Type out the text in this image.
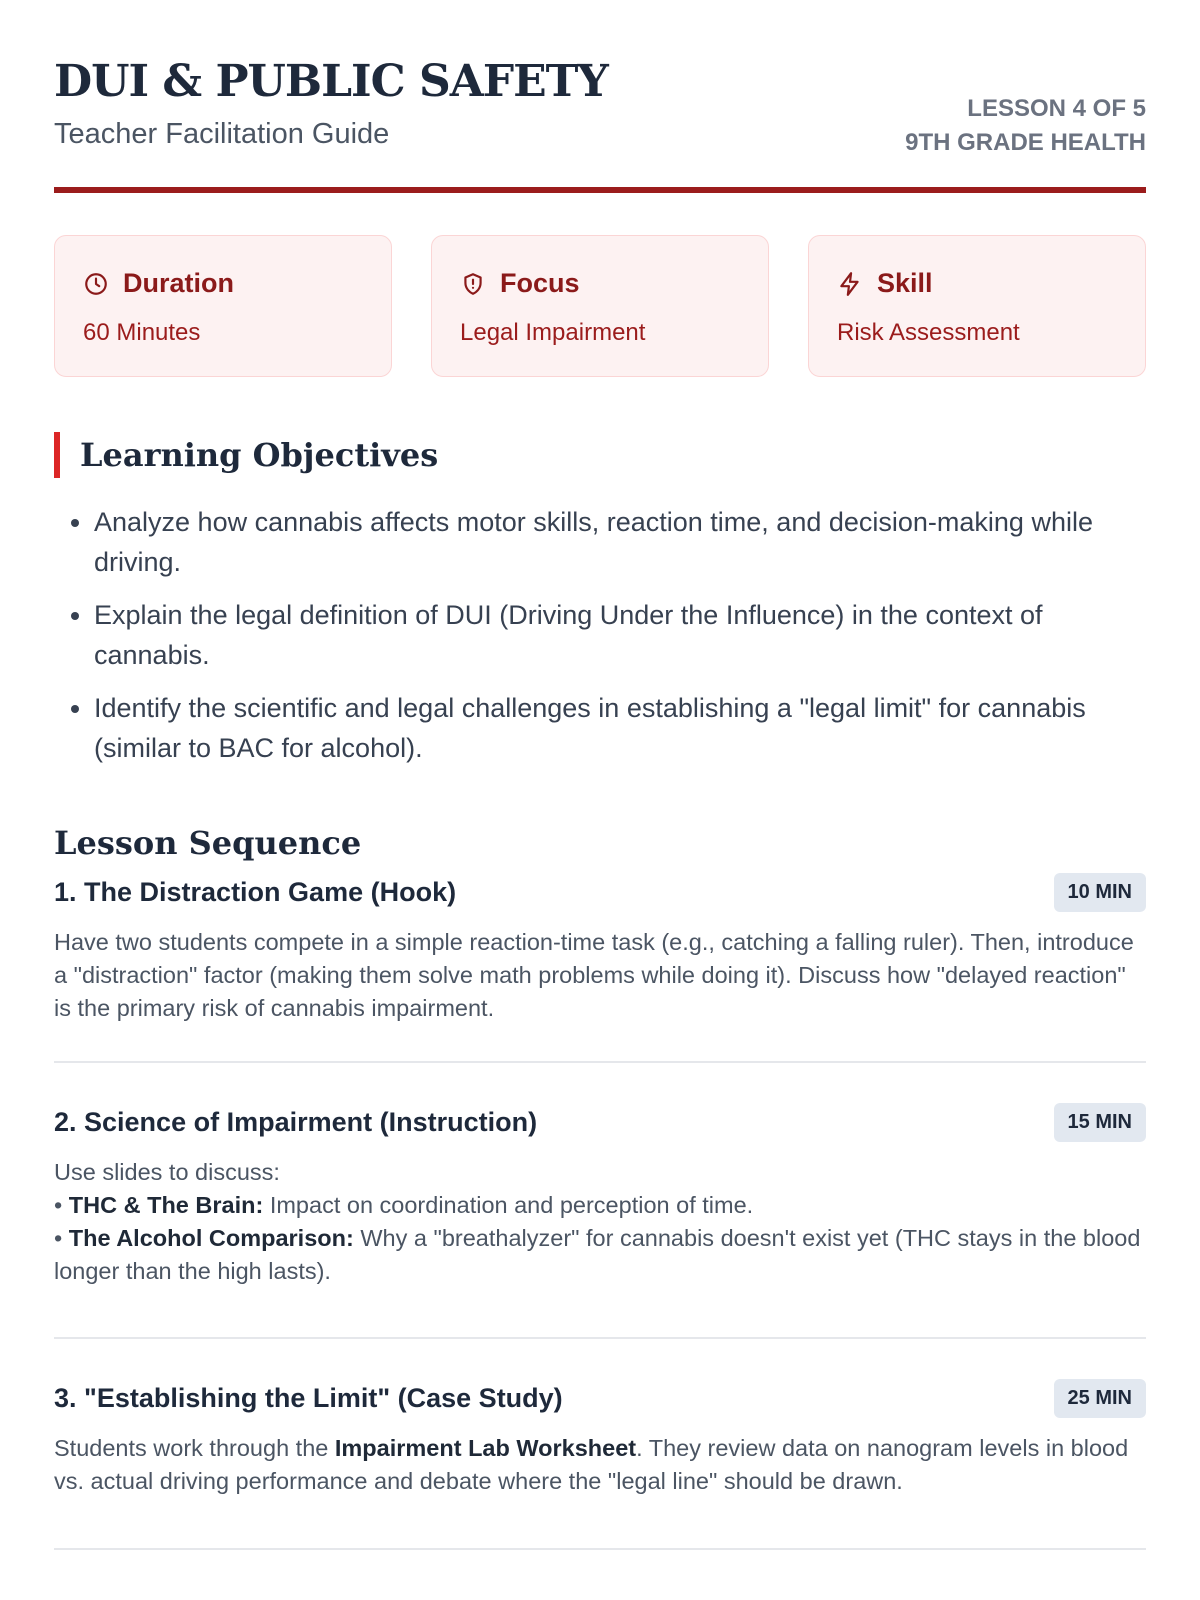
DUI & PUBLIC SAFETY
Teacher Facilitation Guide
LESSON 4 OF 5
9TH GRADE HEALTH
Duration
60 Minutes
Focus
Legal Impairment
Skill
Risk Assessment
Learning Objectives
• Analyze how cannabis affects motor skills, reaction time, and decision-making while driving.
• Explain the legal definition of DUI (Driving Under the Influence) in the context of cannabis.
• Identify the scientific and legal challenges in establishing a "legal limit" for cannabis (similar to BAC for alcohol).
Lesson Sequence
1. The Distraction Game (Hook)	10 MIN
Have two students compete in a simple reaction-time task (e.g., catching a falling ruler). Then, introduce a "distraction" factor (making them solve math problems while doing it). Discuss how "delayed reaction" is the primary risk of cannabis impairment.
2. Science of Impairment (Instruction)	15 MIN
Use slides to discuss:
• THC & The Brain: Impact on coordination and perception of time.
• The Alcohol Comparison: Why a "breathalyzer" for cannabis doesn't exist yet (THC stays in the blood longer than the high lasts).
3. "Establishing the Limit" (Case Study)	25 MIN
Students work through the Impairment Lab Worksheet. They review data on nanogram levels in blood vs. actual driving performance and debate where the "legal line" should be drawn.
